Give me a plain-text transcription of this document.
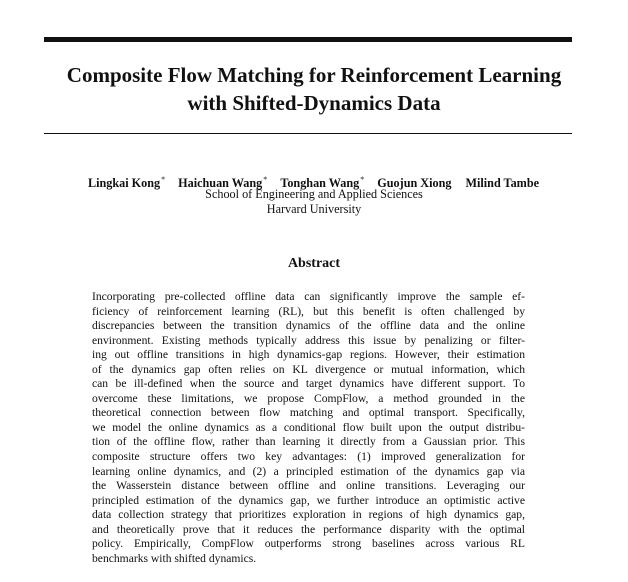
Composite Flow Matching for Reinforcement Learning
with Shifted-Dynamics Data
Lingkai Kong* Haichuan Wang* Tonghan Wang* Guojun Xiong Milind Tambe
School of Engineering and Applied Sciences
Harvard University
Abstract
Incorporating pre-collected offline data can significantly improve the sample ef-
ficiency of reinforcement learning (RL), but this benefit is often challenged by
discrepancies between the transition dynamics of the offline data and the online
environment. Existing methods typically address this issue by penalizing or filter-
ing out offline transitions in high dynamics-gap regions. However, their estimation
of the dynamics gap often relies on KL divergence or mutual information, which
can be ill-defined when the source and target dynamics have different support. To
overcome these limitations, we propose CompFlow, a method grounded in the
theoretical connection between flow matching and optimal transport. Specifically,
we model the online dynamics as a conditional flow built upon the output distribu-
tion of the offline flow, rather than learning it directly from a Gaussian prior. This
composite structure offers two key advantages: (1) improved generalization for
learning online dynamics, and (2) a principled estimation of the dynamics gap via
the Wasserstein distance between offline and online transitions. Leveraging our
principled estimation of the dynamics gap, we further introduce an optimistic active
data collection strategy that prioritizes exploration in regions of high dynamics gap,
and theoretically prove that it reduces the performance disparity with the optimal
policy. Empirically, CompFlow outperforms strong baselines across various RL
benchmarks with shifted dynamics.
